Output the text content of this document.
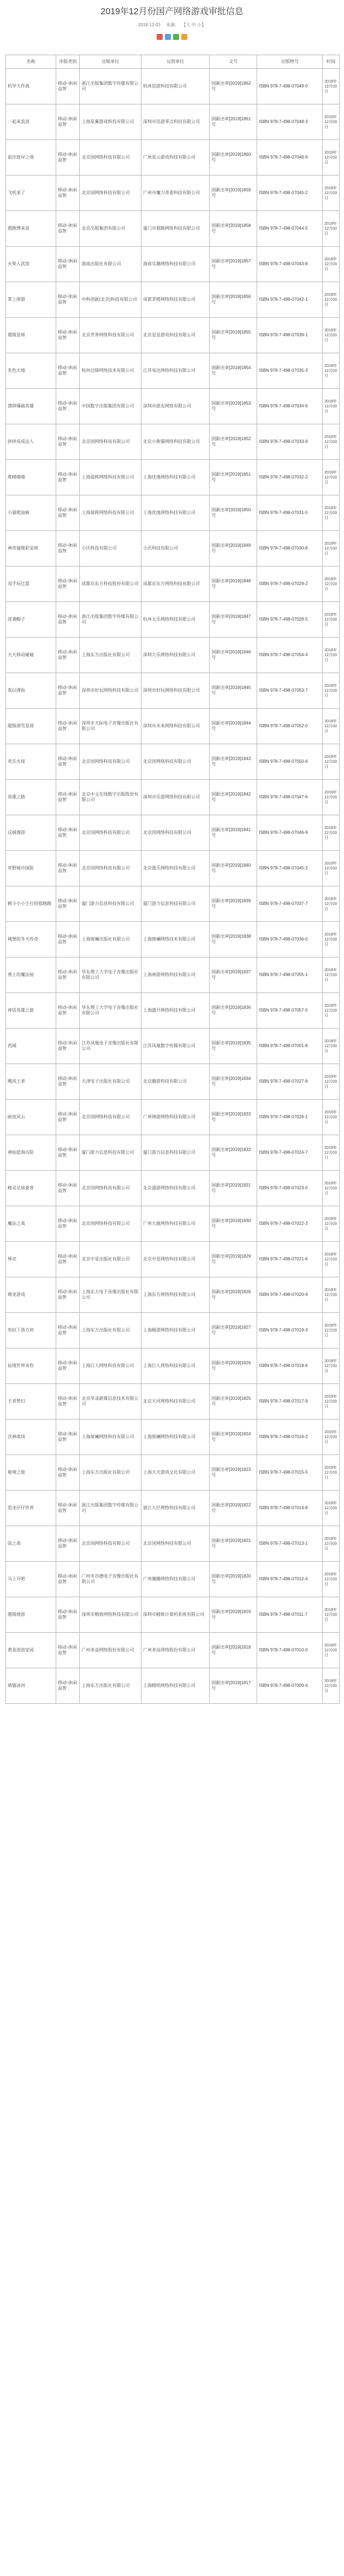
2019年12月份国产网络游戏审批信息
2019-12-03 来源: 【大 中 小】

名称	申报类别	出版单位	运营单位	文号	出版物号	时间
机甲大作战	移动-休闲益智	浙江出版集团数字传媒有限公司	杭州思游科技有限公司	国新出审[2019]1862号	ISBN 978-7-498-07049-0	2019年12月03日
一起来流浪	移动-休闲益智	上海星翼游戏科技有限公司	深圳市迅游零点科技有限公司	国新出审[2019]1861号	ISBN 978-7-498-07048-3	2019年12月03日
前往彼岸之地	移动-休闲益智	北京国网络科技有限公司	广州星云游戏科技有限公司	国新出审[2019]1860号	ISBN 978-7-498-07046-9	2019年12月03日
飞机来了	移动-休闲益智	北京国网络科技有限公司	广州市魔力奇游科技有限公司	国新出审[2019]1859号	ISBN 978-7-498-07045-2	2019年12月03日
超跑博来说	移动-休闲益智	北京出版集团有限公司	厦门市超跑网络科技有限公司	国新出审[2019]1858号	ISBN 978-7-498-07044-5	2019年12月03日
火柴人武馆	移动-休闲益智	海南出版社有限公司	海南实趣网络科技有限公司	国新出审[2019]1857号	ISBN 978-7-498-07043-8	2019年12月03日
掌上围猎	移动-休闲益智	中科创新(北京)科技有限公司	成都青橙网络科技有限公司	国新出审[2019]1856号	ISBN 978-7-498-07042-1	2019年12月03日
超级星球	移动-休闲益智	北京世界网络科技有限公司	北京星星游戏科技有限公司	国新出审[2019]1855号	ISBN 978-7-498-07039-1	2019年12月03日
朱色天地	移动-休闲益智	杭州边锋网络技术有限公司	江苏易达网络科技有限公司	国新出审[2019]1854号	ISBN 978-7-498-07035-3	2019年12月03日
漂移爆破英雄	移动-休闲益智	中国数字出版集团有限公司	深圳市游友网络有限公司	国新出审[2019]1853号	ISBN 978-7-498-07034-6	2019年12月03日
拼拼成成达人	移动-休闲益智	北京国网络科技有限公司	北京小熊猫网络科技有限公司	国新出审[2019]1852号	ISBN 978-7-498-07033-9	2019年12月03日
爬楼喵喵	移动-休闲益智	上海晨晖网络科技有限公司	上海优逸网络科技有限公司	国新出审[2019]1851号	ISBN 978-7-498-07032-2	2019年12月03日
小猫爬油画	移动-休闲益智	上海晨晖网络科技有限公司	上海优逸网络科技有限公司	国新出审[2019]1850号	ISBN 978-7-498-07031-5	2019年12月03日
神奇猫爬彩星球	移动-休闲益智	小沃科技有限公司	小沃科技有限公司	国新出审[2019]1849号	ISBN 978-7-498-07030-8	2019年12月03日
双手玩红蓝	移动-休闲益智	成都京东方科技股份有限公司	成都京东方网络科技有限公司	国新出审[2019]1848号	ISBN 978-7-498-07029-2	2019年12月03日
逆袭帽子	移动-休闲益智	浙江出版集团数字传媒有限公司	杭州无乐网络科技有限公司	国新出审[2019]1847号	ISBN 978-7-498-07028-5	2019年12月03日
天天移动碰碰	移动-休闲益智	上海东方出版社有限公司	深圳大乐网络科技有限公司	国新出审[2019]1846号	ISBN 978-7-498-07054-4	2019年12月03日
我以弹指	移动-休闲益智	深圳市好玩网络科技有限公司	深圳市好玩网络科技有限公司	国新出审[2019]1845号	ISBN 978-7-498-07053-7	2019年12月03日
超级滑雪星球	移动-休闲益智	深圳市天际电子音像出版社有限公司	深圳市未来网络科技有限公司	国新出审[2019]1844号	ISBN 978-7-498-07052-0	2019年12月03日
欢乐火球	移动-休闲益智	北京国网络科技有限公司	北京国网络科技有限公司	国新出审[2019]1843号	ISBN 978-7-498-07050-6	2019年12月03日
英雄之路	移动-休闲益智	北京中文在线数字出版股份有限公司	深圳市乐游网络科技有限公司	国新出审[2019]1842号	ISBN 978-7-498-07047-6	2019年12月03日
这城漫游	移动-休闲益智	北京国网络科技有限公司	北京国网络科技有限公司	国新出审[2019]1841号	ISBN 978-7-498-07046-9	2019年12月03日
欢野城市探险	移动-休闲益智	北京国网络科技有限公司	北京涨乐网络科技有限公司	国新出审[2019]1840号	ISBN 978-7-498-07045-2	2019年12月03日
剩斗小小王打招那跑跑	移动-休闲益智	厦门游力信息科技有限公司	厦门游力信息科技有限公司	国新出审[2019]1839号	ISBN 978-7-498-07037-7	2019年12月03日
城堡的冬天传奇	移动-休闲益智	上海斑斓出版社有限公司	上海斑斓网络技术有限公司	国新出审[2019]1838号	ISBN 978-7-498-07036-0	2019年12月03日
勇士的魔法屋	移动-休闲益智	华东理工大学电子音像出版社有限公司	上海神游网络科技有限公司	国新出审[2019]1837号	ISBN 978-7-498-07055-1	2019年12月03日
神话英雄之旅	移动-休闲益智	华东理工大学电子音像出版社有限公司	上海盛开网络科技有限公司	国新出审[2019]1836号	ISBN 978-7-498-07057-5	2019年12月03日
西域	移动-休闲益智	江苏凤凰电子音像出版社有限公司	江苏凤凰数字传媒有限公司	国新出审[2019]1835号	ISBN 978-7-498-07001-8	2019年12月03日
飓风王者	移动-休闲益智	天津电子出版社有限公司	北京趣游科技有限公司	国新出审[2019]1834号	ISBN 978-7-498-07027-8	2019年12月03日
暗夜风云	移动-休闲益智	北京国网络科技有限公司	广州锦游网络科技有限公司	国新出审[2019]1833号	ISBN 978-7-498-07026-1	2019年12月03日
神仙蓝海历险	移动-休闲益智	厦门游力信息科技有限公司	厦门游力信息科技有限公司	国新出审[2019]1832号	ISBN 978-7-498-07024-7	2019年12月03日
精灵足球豪客	移动-休闲益智	北京国网络科技有限公司	北京盛游网络科技有限公司	国新出审[2019]1831号	ISBN 978-7-498-07023-0	2019年12月03日
魔法之战	移动-休闲益智	北京国网络科技有限公司	广州大鹿网络科技有限公司	国新出审[2019]1830号	ISBN 978-7-498-07022-3	2019年12月03日
林克	移动-休闲益智	北京中星出版社有限公司	北京中星网络科技有限公司	国新出审[2019]1829号	ISBN 978-7-498-07021-6	2019年12月03日
萌宠游戏	移动-休闲益智	上海东方电子音像出版社有限公司	上海东方网络科技有限公司	国新出审[2019]1828号	ISBN 978-7-498-07020-9	2019年12月03日
知识下落方块	移动-休闲益智	上海东方出版社有限公司	上海极游网络科技有限公司	国新出审[2019]1827号	ISBN 978-7-498-07019-3	2019年12月03日
仙境世界求你	移动-休闲益智	上海巨人网络科技有限公司	上海巨人网络科技有限公司	国新出审[2019]1826号	ISBN 978-7-498-07018-6	2019年12月03日
王者梦幻	移动-休闲益智	北京华录新媒信息技术有限公司	北京天河网络科技有限公司	国新出审[2019]1825号	ISBN 978-7-498-07017-9	2019年12月03日
次神战场	移动-休闲益智	上海斑斓网络科技有限公司	上海斑斓网络科技有限公司	国新出审[2019]1824号	ISBN 978-7-498-07016-2	2019年12月03日
秘境之旅	移动-休闲益智	上海东方出版社有限公司	上海天天游戏文化有限公司	国新出审[2019]1823号	ISBN 978-7-498-07015-5	2019年12月03日
恐龙仔仔世界	移动-休闲益智	浙江出版集团数字传媒有限公司	浙江大仔网络科技有限公司	国新出审[2019]1822号	ISBN 978-7-498-07014-8	2019年12月03日
弦之战	移动-休闲益智	北京国网络科技有限公司	北京国网络科技有限公司	国新出审[2019]1821号	ISBN 978-7-498-07013-1	2019年12月03日
马上开吧	移动-休闲益智	广州市谷德电子音像出版社有限公司	广州潮趣网络科技有限公司	国新出审[2019]1820号	ISBN 978-7-498-07012-4	2019年12月03日
超级地雷	移动-休闲益智	深圳市精致网络科技有限公司	深圳市精致计算机系统有限公司	国新出审[2019]1819号	ISBN 978-7-498-07011-7	2019年12月03日
黄金泡泡家园	移动-休闲益智	广州多益网络股份有限公司	广州多益网络股份有限公司	国新出审[2019]1818号	ISBN 978-7-498-07010-0	2019年12月03日
萌猫冰河	移动-休闲益智	上海东方出版社有限公司	上海精明网络科技有限公司	国新出审[2019]1817号	ISBN 978-7-498-07009-4	2019年12月03日
